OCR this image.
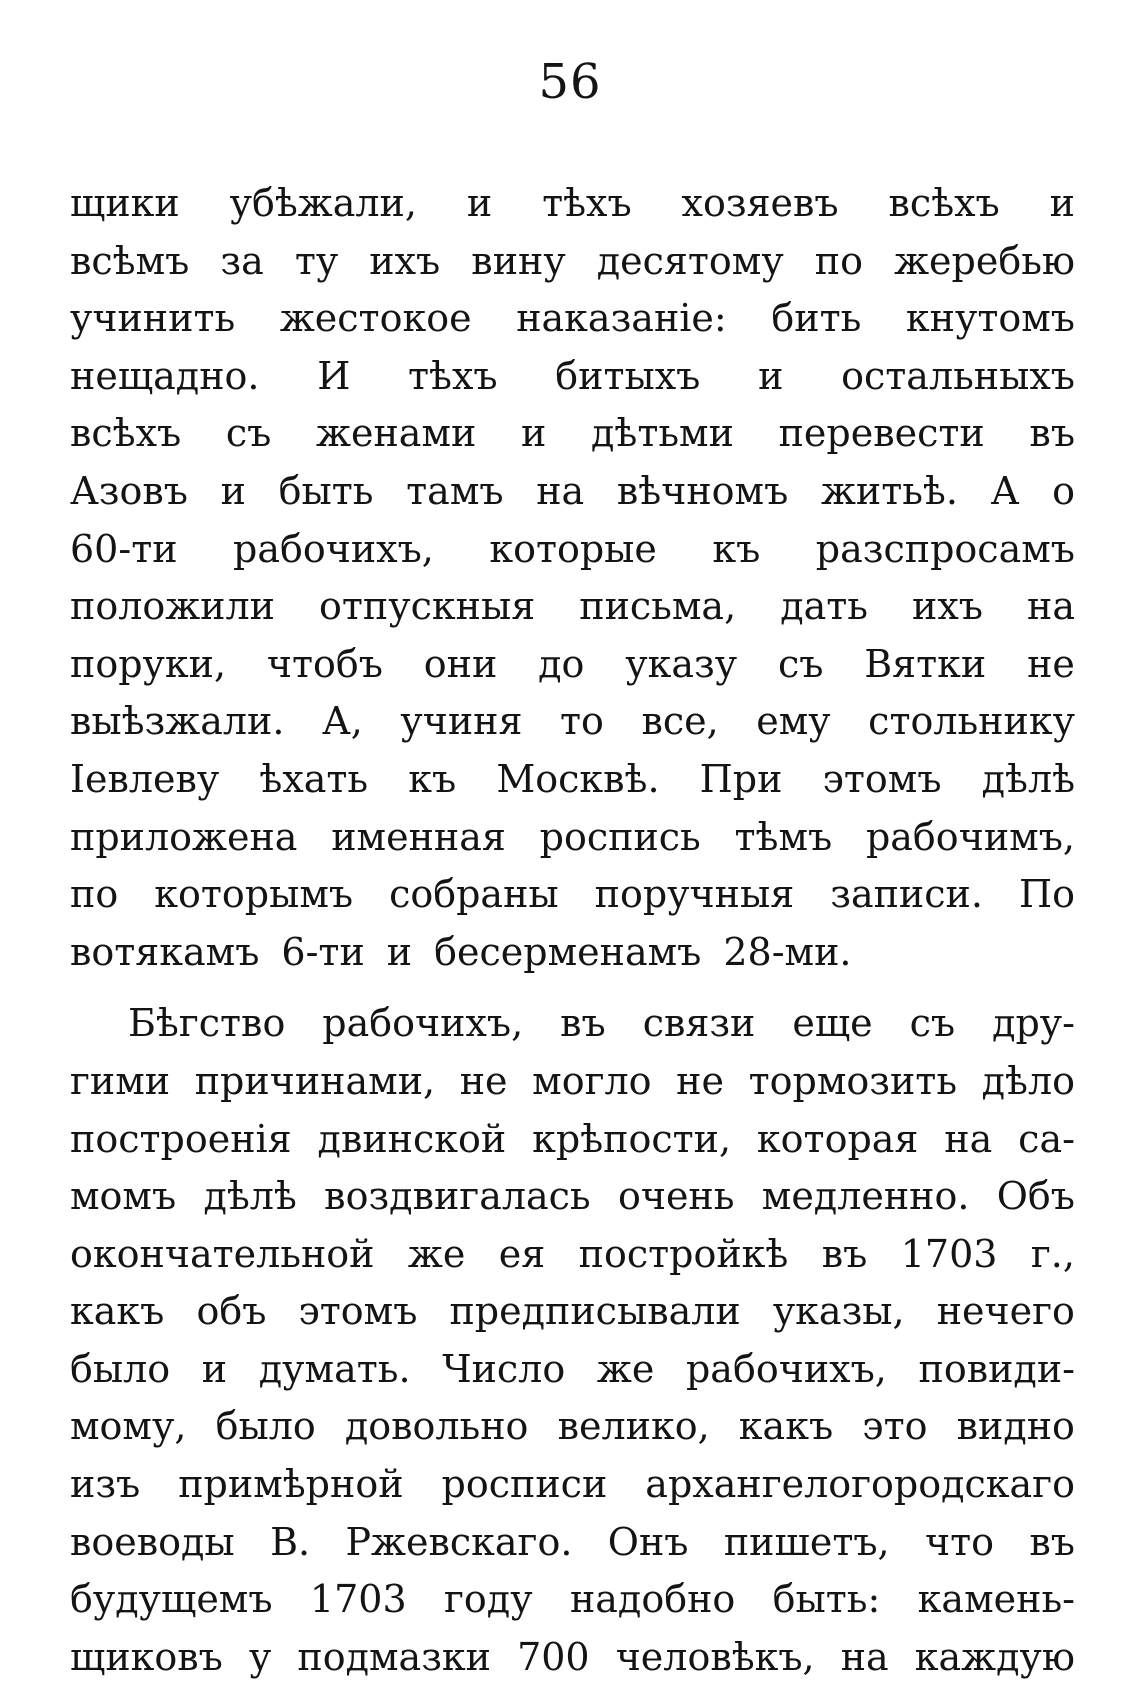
56
щики убѣжали, и тѣхъ хозяевъ всѣхъ и
всѣмъ за ту ихъ вину десятому по жеребью
учинить жестокое наказаніе: бить кнутомъ
нещадно. И тѣхъ битыхъ и остальныхъ
всѣхъ съ женами и дѣтьми перевести въ
Азовъ и быть тамъ на вѣчномъ житьѣ. А о
60-ти рабочихъ, которые къ разспросамъ
положили отпускныя письма, дать ихъ на
поруки, чтобъ они до указу съ Вятки не
выѣзжали. А, учиня то все, ему стольнику
Іевлеву ѣхать къ Москвѣ. При этомъ дѣлѣ
приложена именная роспись тѣмъ рабочимъ,
по которымъ собраны поручныя записи. По
вотякамъ 6-ти и бесерменамъ 28-ми.
Бѣгство рабочихъ, въ связи еще съ дру-
гими причинами, не могло не тормозить дѣло
построенія двинской крѣпости, которая на са-
момъ дѣлѣ воздвигалась очень медленно. Объ
окончательной же ея постройкѣ въ 1703 г.,
какъ объ этомъ предписывали указы, нечего
было и думать. Число же рабочихъ, повиди-
мому, было довольно велико, какъ это видно
изъ примѣрной росписи архангелогородскаго
воеводы В. Ржевскаго. Онъ пишетъ, что въ
будущемъ 1703 году надобно быть: камень-
щиковъ у подмазки 700 человѣкъ, на каждую
